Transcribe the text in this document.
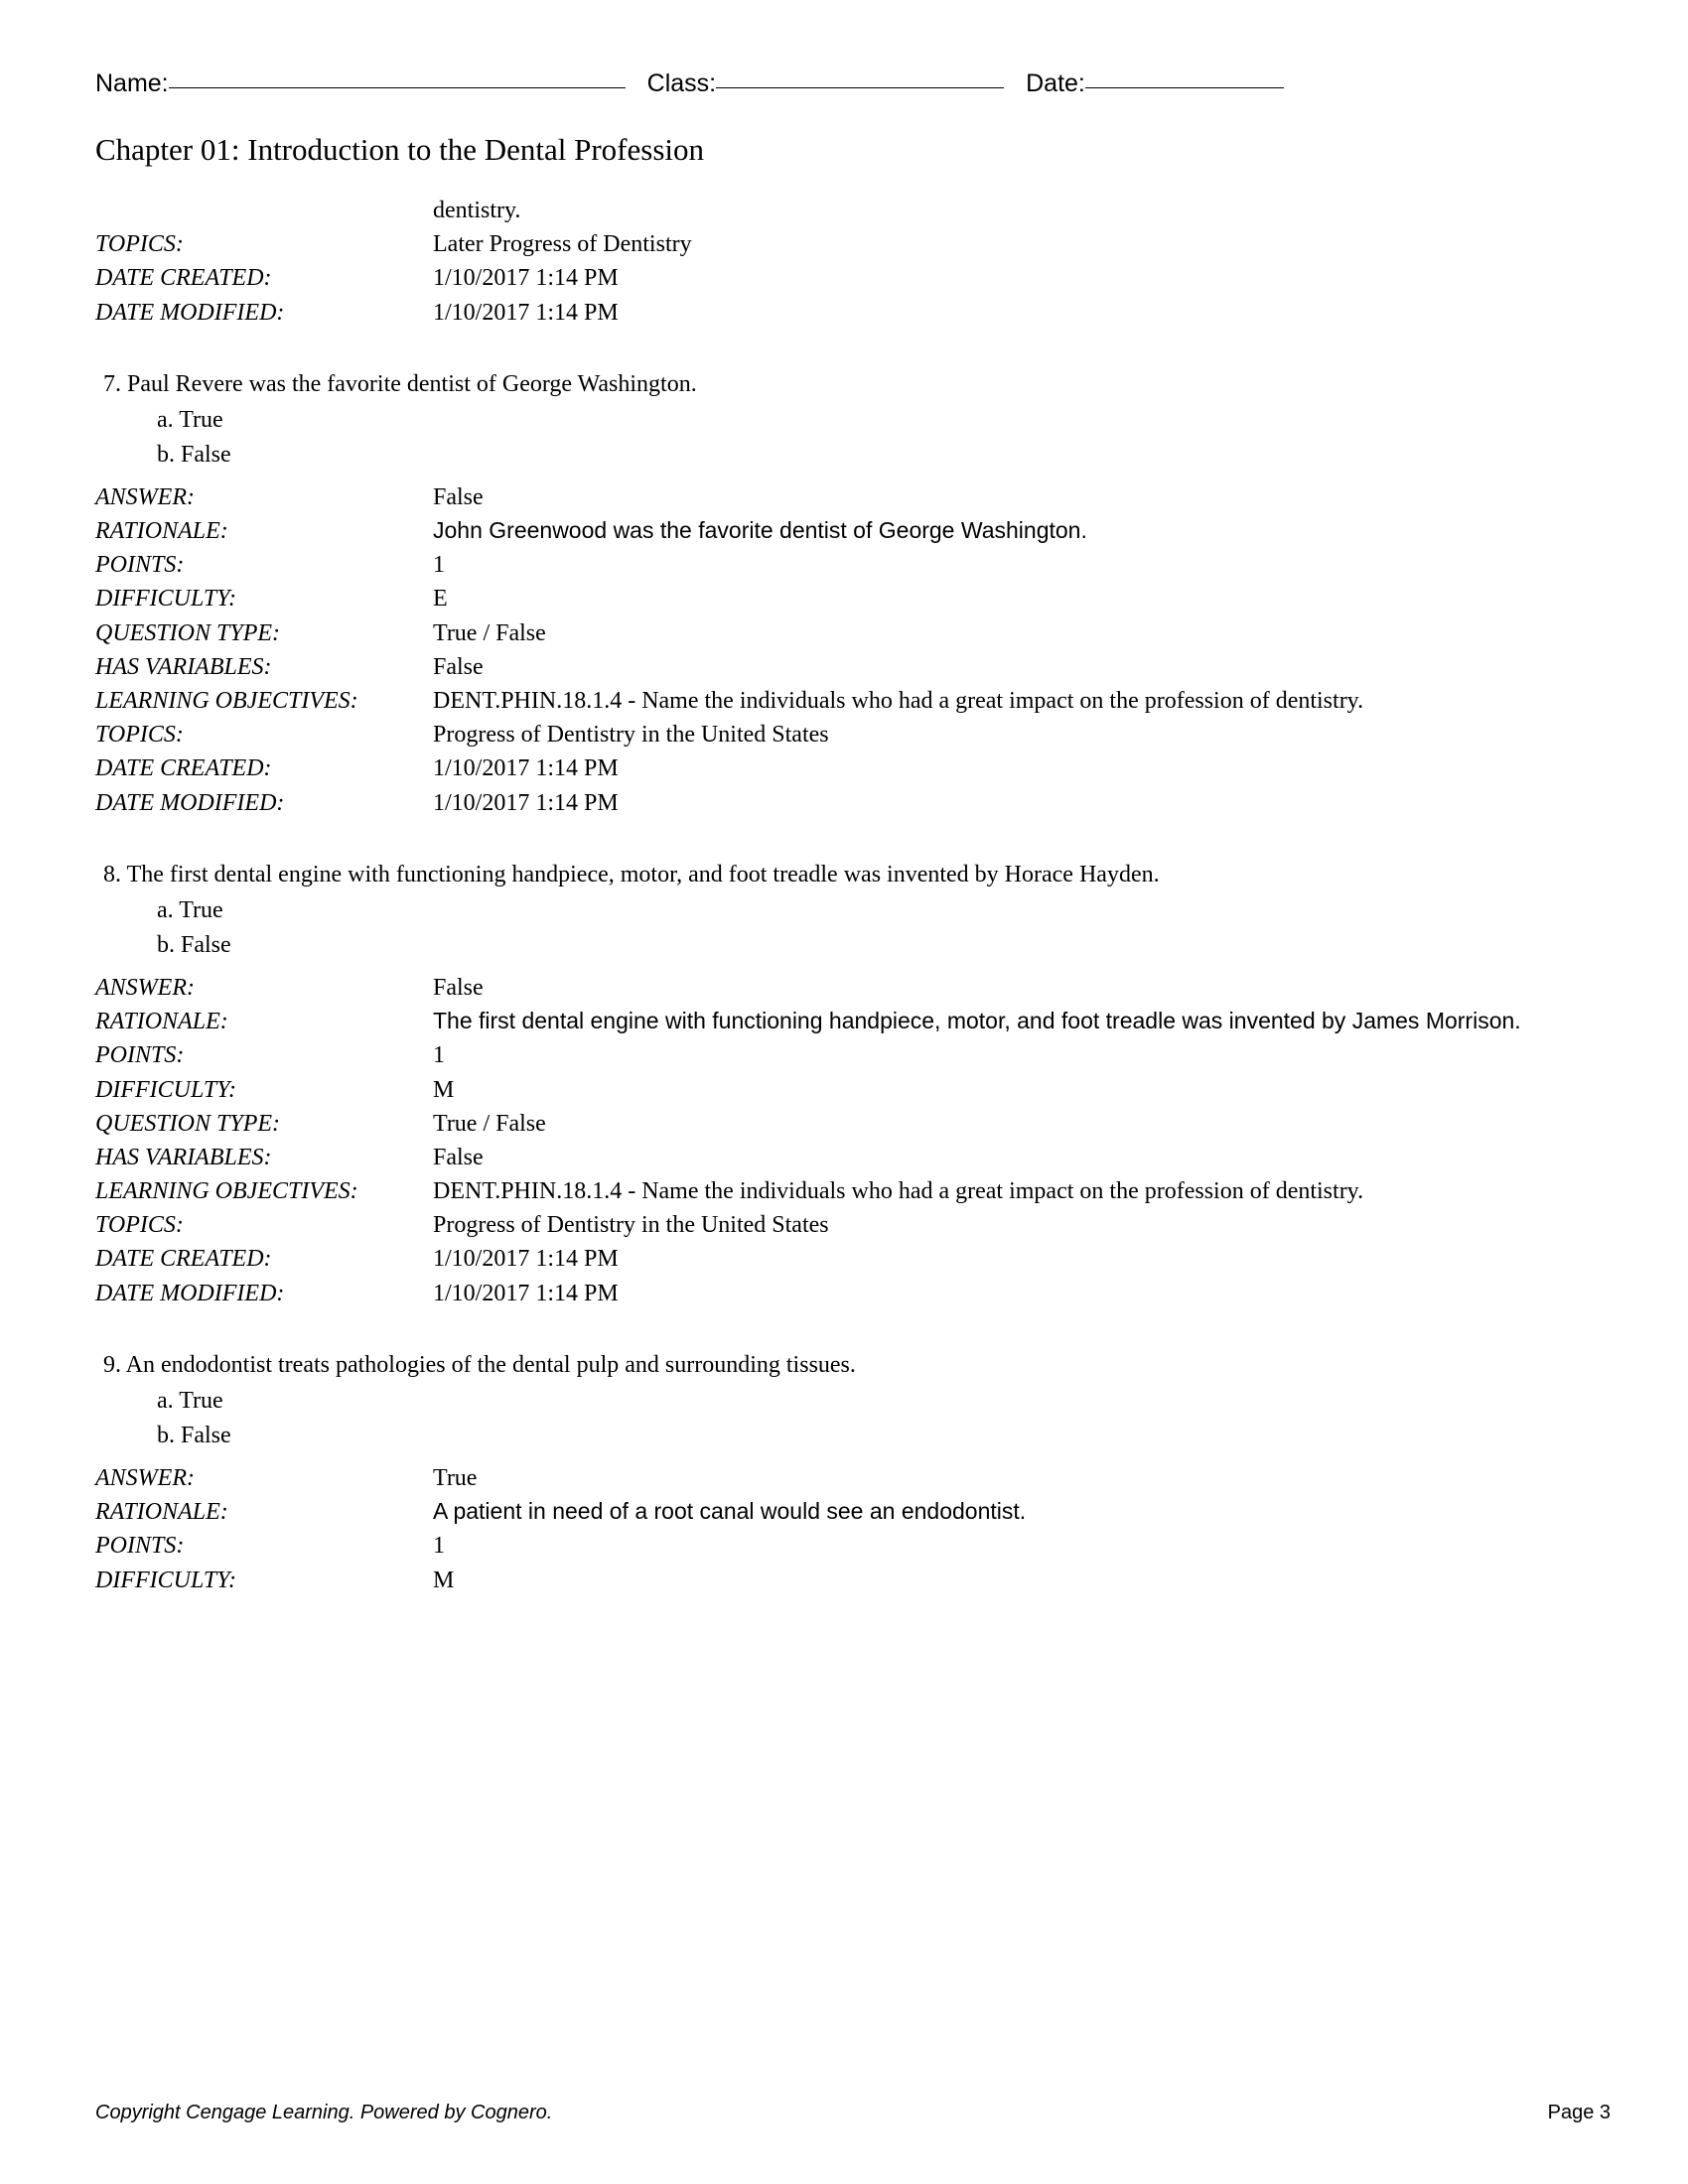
Name:	Class:	Date:
Chapter 01: Introduction to the Dental Profession
dentistry.
TOPICS:	Later Progress of Dentistry
DATE CREATED:	1/10/2017 1:14 PM
DATE MODIFIED:	1/10/2017 1:14 PM
7. Paul Revere was the favorite dentist of George Washington.
a. True
b. False
ANSWER:	False
RATIONALE:	John Greenwood was the favorite dentist of George Washington.
POINTS:	1
DIFFICULTY:	E
QUESTION TYPE:	True / False
HAS VARIABLES:	False
LEARNING OBJECTIVES:	DENT.PHIN.18.1.4 - Name the individuals who had a great impact on the profession of dentistry.
TOPICS:	Progress of Dentistry in the United States
DATE CREATED:	1/10/2017 1:14 PM
DATE MODIFIED:	1/10/2017 1:14 PM
8. The first dental engine with functioning handpiece, motor, and foot treadle was invented by Horace Hayden.
a. True
b. False
ANSWER:	False
RATIONALE:	The first dental engine with functioning handpiece, motor, and foot treadle was invented by James Morrison.
POINTS:	1
DIFFICULTY:	M
QUESTION TYPE:	True / False
HAS VARIABLES:	False
LEARNING OBJECTIVES:	DENT.PHIN.18.1.4 - Name the individuals who had a great impact on the profession of dentistry.
TOPICS:	Progress of Dentistry in the United States
DATE CREATED:	1/10/2017 1:14 PM
DATE MODIFIED:	1/10/2017 1:14 PM
9. An endodontist treats pathologies of the dental pulp and surrounding tissues.
a. True
b. False
ANSWER:	True
RATIONALE:	A patient in need of a root canal would see an endodontist.
POINTS:	1
DIFFICULTY:	M
Copyright Cengage Learning. Powered by Cognero.	Page 3
